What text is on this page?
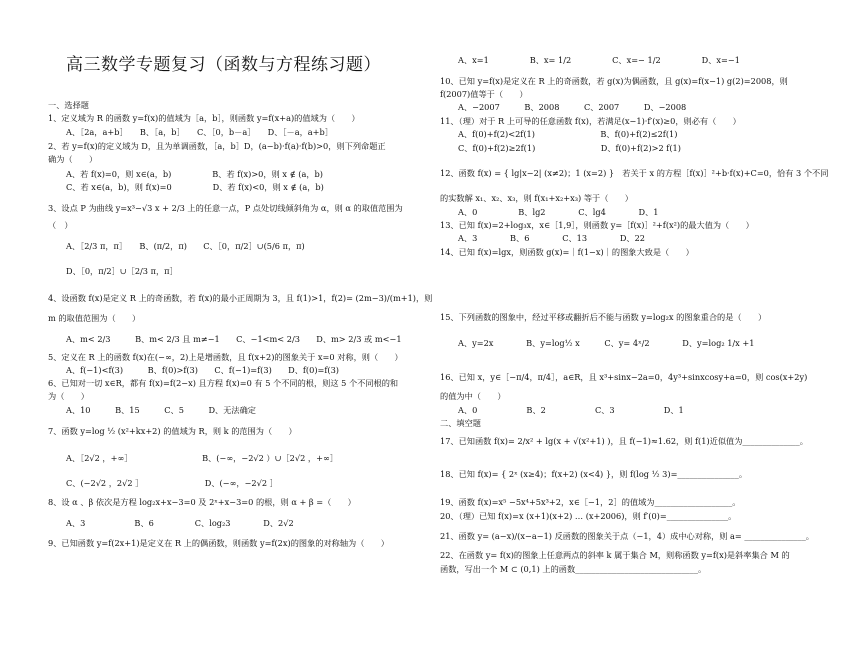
高三数学专题复习（函数与方程练习题）
一、选择题
1、定义域为 R 的函数 y=f(x)的值域为［a，b］，则函数 y=f(x+a)的值域为（　　）
A、［2a，a+b］　　B、［a，b］　　C、［0，b－a］　　D、［－a，a+b］
2、若 y=f(x)的定义域为 D，且为单调函数，［a，b］D，(a−b)·f(a)·f(b)>0，则下列命题正
确为（　　）
A、若 f(x)=0，则 x∈(a，b)　　　　　B、若 f(x)>0，则 x ∉ (a，b)
C、若 x∈(a，b)，则 f(x)=0　　　　　D、若 f(x)<0，则 x ∉ (a，b)
3、设点 P 为曲线 y=x³−√3 x + 2/3 上的任意一点，P 点处切线倾斜角为 α，则 α 的取值范围为
（　）
A、［2/3 π，π］　　B、(π/2，π)　　C、［0，π/2］∪(5/6 π，π)
D、［0，π/2］∪［2/3 π，π］
4、设函数 f(x)是定义 R 上的奇函数，若 f(x)的最小正周期为 3，且 f(1)>1，f(2)= (2m−3)/(m+1)，则
m 的取值范围为（　　）
A、m< 2/3　　　B、m< 2/3 且 m≠−1　　C、−1<m< 2/3　　D、m> 2/3 或 m<−1
5、定义在 R 上的函数 f(x)在(−∞，2)上是增函数，且 f(x+2)的图象关于 x=0 对称，则（　　）
A、f(−1)<f(3)　　　B、f(0)>f(3)　　C、f(−1)=f(3)　　D、f(0)=f(3)
6、已知对一切 x∈R，都有 f(x)=f(2−x) 且方程 f(x)=0 有 5 个不同的根，则这 5 个不同根的和
为（　　）
A、10　　　B、15　　　C、5　　　D、无法确定
7、函数 y=log ½ (x²+kx+2) 的值域为 R，则 k 的范围为（　　）
A、［2√2 ，+∞］　　　　　　　　　B、(−∞，−2√2 ）∪［2√2 ，+∞］
C、(−2√2 ，2√2 ］　　　　　　　　D、(−∞，−2√2 ］
8、设 α 、β 依次是方程 log₂x+x−3=0 及 2ˣ+x−3=0 的根，则 α + β =（　　）
A、3　　　　　　B、6　　　　　C、log₂3　　　　D、2√2
9、已知函数 y=f(2x+1)是定义在 R 上的偶函数，则函数 y=f(2x)的图象的对称轴为（　　）
A、x=1　　　　　B、x= 1/2　　　　　C、x=− 1/2　　　　　D、x=−1
10、已知 y=f(x)是定义在 R 上的奇函数，若 g(x)为偶函数，且 g(x)=f(x−1) g(2)=2008，则
f(2007)值等于（　　）
A、−2007　　　B、2008　　　C、2007　　　D、−2008
11、（理）对于 R 上可导的任意函数 f(x)，若满足(x−1)·f′(x)≥0，则必有（　　）
A、f(0)+f(2)<2f(1)　　　　　　　　B、f(0)+f(2)≤2f(1)
C、f(0)+f(2)≥2f(1)　　　　　　　　D、f(0)+f(2)>2 f(1)
12、函数 f(x) = { lg|x−2| (x≠2)；1 (x=2) }　若关于 x 的方程［f(x)］²+b·f(x)+C=0，恰有 3 个不同
的实数解 x₁、x₂、x₃，则 f(x₁+x₂+x₃) 等于（　　）
A、0　　　　　B、lg2　　　　C、lg4　　　　D、1
13、已知 f(x)=2+log₃x，x∈［1,9］，则函数 y=［f(x)］²+f(x²)的最大值为（　　）
A、3　　　　B、6　　　　C、13　　　　D、22
14、已知 f(x)=lgx，则函数 g(x)=｜f(1−x)｜的图象大致是（　　）
15、下列函数的图象中，经过平移或翻折后不能与函数 y=log₂x 的图象重合的是（　　）
A、y=2x　　　　B、y=log½ x　　　C、y= 4ˣ/2　　　　D、y=log₂ 1/x +1
16、已知 x，y∈［−π/4，π/4］，a∈R，且 x³+sinx−2a=0，4y³+sinxcosy+a=0，则 cos(x+2y)
的值为中（　　）
A、0　　　　　　B、2　　　　　　C、3　　　　　　D、1
二、填空题
17、已知函数 f(x)= 2/x² + lg(x + √(x²+1) )，且 f(−1)≈1.62，则 f(1)近似值为______________。
18、已知 f(x)= { 2ˣ (x≥4)；f(x+2) (x<4) }，则 f(log ½ 3)=_______________。
19、函数 f(x)=x⁵ −5x⁴+5x³+2，x∈［−1，2］的值域为___________________。
20、（理）已知 f(x)=x (x+1)(x+2) … (x+2006)，则 f′(0)=_______________。
21、函数 y= (a−x)/(x−a−1) 反函数的图象关于点（−1，4）成中心对称，则 a= _______________。
22、在函数 y= f(x)的图象上任意两点的斜率 k 属于集合 M，则称函数 y=f(x)是斜率集合 M 的
函数，写出一个 M ⊂ (0,1) 上的函数______________________________。
